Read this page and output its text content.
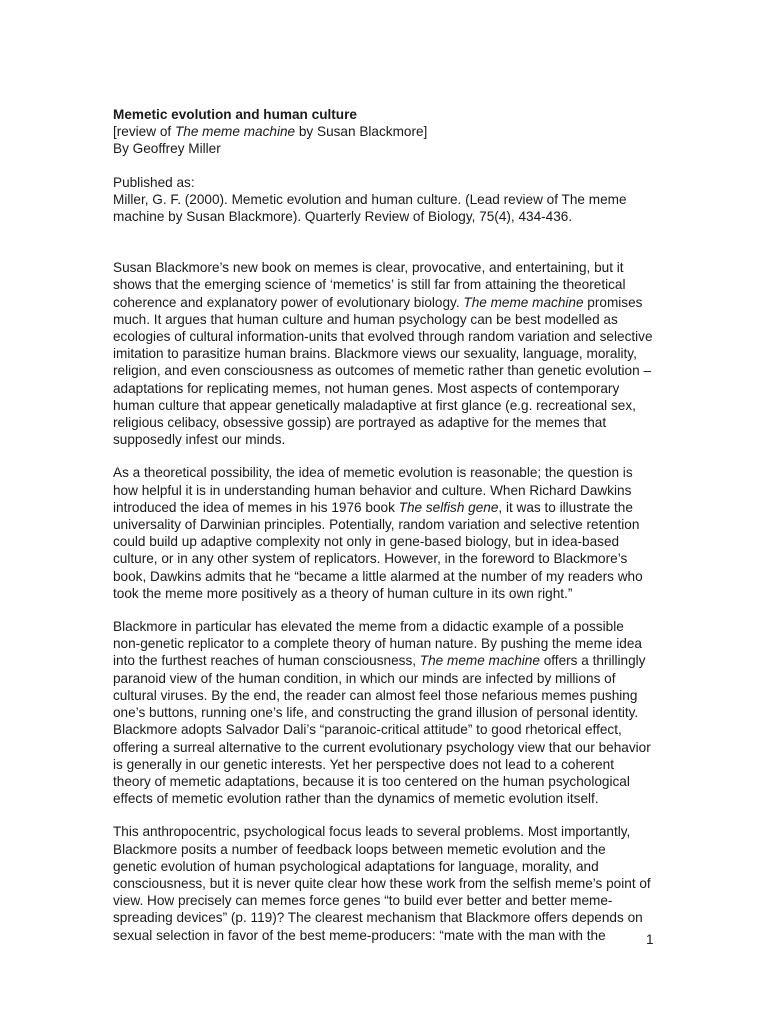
Memetic evolution and human culture

[review of The meme machine by Susan Blackmore]

By Geoffrey Miller

Published as:

Miller, G. F. (2000). Memetic evolution and human culture. (Lead review of The meme machine by Susan Blackmore). Quarterly Review of Biology, 75(4), 434-436.

Susan Blackmore’s new book on memes is clear, provocative, and entertaining, but it shows that the emerging science of ‘memetics’ is still far from attaining the theoretical coherence and explanatory power of evolutionary biology. The meme machine promises much. It argues that human culture and human psychology can be best modelled as ecologies of cultural information-units that evolved through random variation and selective imitation to parasitize human brains. Blackmore views our sexuality, language, morality, religion, and even consciousness as outcomes of memetic rather than genetic evolution – adaptations for replicating memes, not human genes. Most aspects of contemporary human culture that appear genetically maladaptive at first glance (e.g. recreational sex, religious celibacy, obsessive gossip) are portrayed as adaptive for the memes that supposedly infest our minds.

As a theoretical possibility, the idea of memetic evolution is reasonable; the question is how helpful it is in understanding human behavior and culture. When Richard Dawkins introduced the idea of memes in his 1976 book The selfish gene, it was to illustrate the universality of Darwinian principles. Potentially, random variation and selective retention could build up adaptive complexity not only in gene-based biology, but in idea-based culture, or in any other system of replicators. However, in the foreword to Blackmore’s book, Dawkins admits that he “became a little alarmed at the number of my readers who took the meme more positively as a theory of human culture in its own right.”

Blackmore in particular has elevated the meme from a didactic example of a possible non-genetic replicator to a complete theory of human nature. By pushing the meme idea into the furthest reaches of human consciousness, The meme machine offers a thrillingly paranoid view of the human condition, in which our minds are infected by millions of cultural viruses. By the end, the reader can almost feel those nefarious memes pushing one’s buttons, running one’s life, and constructing the grand illusion of personal identity. Blackmore adopts Salvador Dali’s “paranoic-critical attitude” to good rhetorical effect, offering a surreal alternative to the current evolutionary psychology view that our behavior is generally in our genetic interests. Yet her perspective does not lead to a coherent theory of memetic adaptations, because it is too centered on the human psychological effects of memetic evolution rather than the dynamics of memetic evolution itself.

This anthropocentric, psychological focus leads to several problems. Most importantly, Blackmore posits a number of feedback loops between memetic evolution and the genetic evolution of human psychological adaptations for language, morality, and consciousness, but it is never quite clear how these work from the selfish meme’s point of view. How precisely can memes force genes “to build ever better and better meme-spreading devices” (p. 119)? The clearest mechanism that Blackmore offers depends on sexual selection in favor of the best meme-producers: “mate with the man with the	1
